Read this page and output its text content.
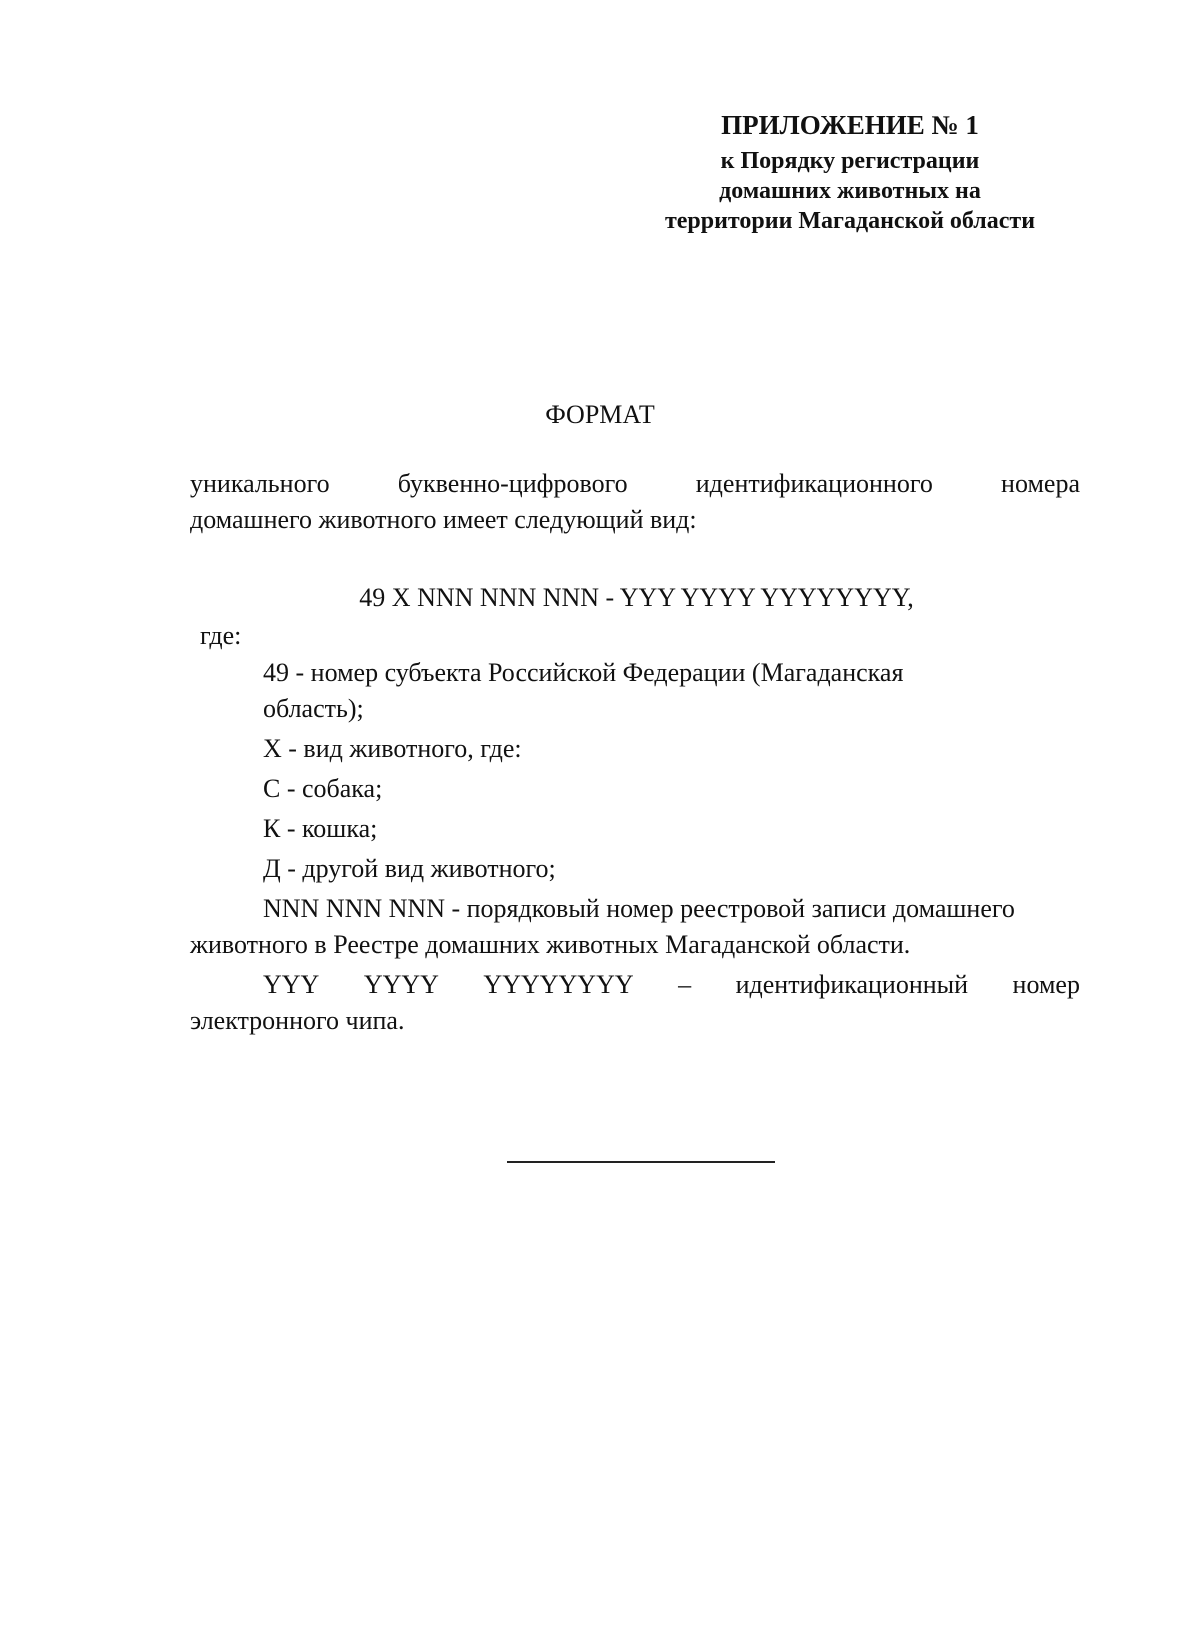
ПРИЛОЖЕНИЕ № 1
к Порядку регистрации
домашних животных на
территории Магаданской области
ФОРМАТ
уникального	буквенно-цифрового	идентификационного	номера
домашнего животного имеет следующий вид:
49 X NNN NNN NNN - YYY YYYY YYYYYYYY,
где:
49 - номер субъекта Российской Федерации (Магаданская
область);
X - вид животного, где:
С - собака;
К - кошка;
Д - другой вид животного;
NNN NNN NNN - порядковый номер реестровой записи домашнего
животного в Реестре домашних животных Магаданской области.
YYY YYYY YYYYYYYY – идентификационный номер
электронного чипа.
